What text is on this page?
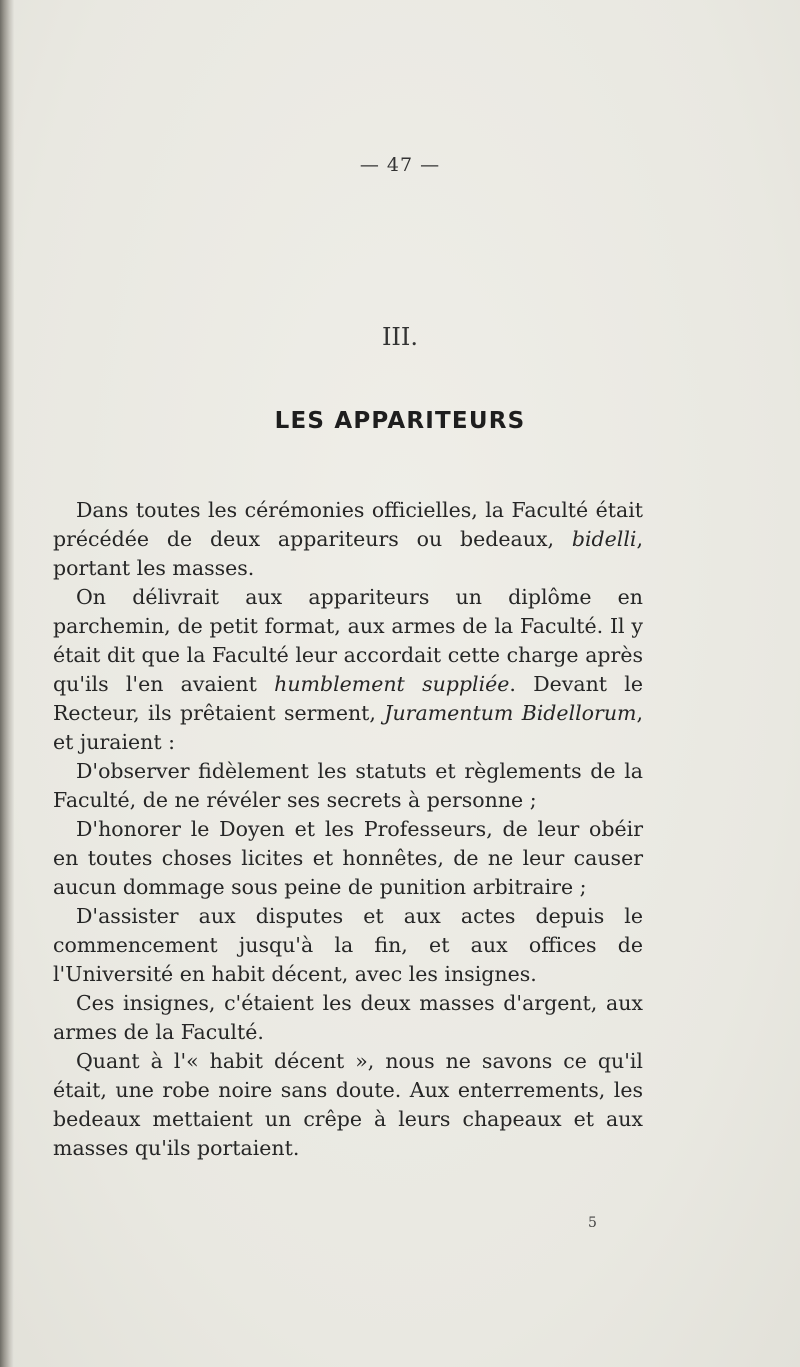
— 47 —
III.
LES APPARITEURS

Dans toutes les cérémonies officielles, la Faculté était précédée de deux appariteurs ou bedeaux, bidelli, portant les masses.

On délivrait aux appariteurs un diplôme en parchemin, de petit format, aux armes de la Faculté. Il y était dit que la Faculté leur accordait cette charge après qu'ils l'en avaient humblement suppliée. Devant le Recteur, ils prêtaient serment, Juramentum Bidellorum, et juraient :

D'observer fidèlement les statuts et règlements de la Faculté, de ne révéler ses secrets à personne ;

D'honorer le Doyen et les Professeurs, de leur obéir en toutes choses licites et honnêtes, de ne leur causer aucun dommage sous peine de punition arbitraire ;

D'assister aux disputes et aux actes depuis le commencement jusqu'à la fin, et aux offices de l'Université en habit décent, avec les insignes.

Ces insignes, c'étaient les deux masses d'argent, aux armes de la Faculté.

Quant à l'« habit décent », nous ne savons ce qu'il était, une robe noire sans doute. Aux enterrements, les bedeaux mettaient un crêpe à leurs chapeaux et aux masses qu'ils portaient.

5
